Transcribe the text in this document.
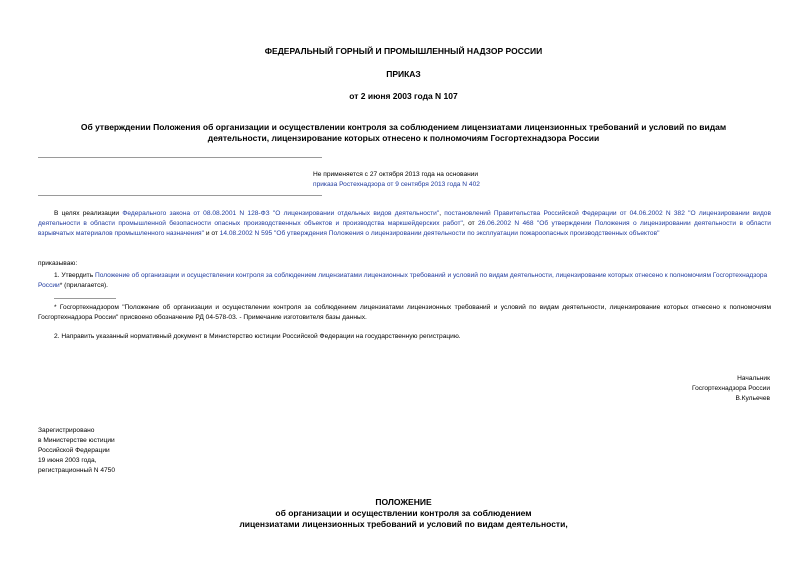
ФЕДЕРАЛЬНЫЙ ГОРНЫЙ И ПРОМЫШЛЕННЫЙ НАДЗОР РОССИИ
ПРИКАЗ
от 2 июня 2003 года N 107
Об утверждении Положения об организации и осуществлении контроля за соблюдением лицензиатами лицензионных требований и условий по видам
деятельности, лицензирование которых отнесено к полномочиям Госгортехнадзора России
Не применяется с 27 октября 2013 года на основании
приказа Ростехнадзора от 9 сентября 2013 года N 402
В целях реализации Федерального закона от 08.08.2001 N 128-ФЗ "О лицензировании отдельных видов деятельности", постановлений Правительства Российской Федерации от 04.06.2002 N 382 "О лицензировании видов деятельности в области промышленной безопасности опасных производственных объектов и производства маркшейдерских работ", от 26.06.2002 N 468 "Об утверждении Положения о лицензировании деятельности в области взрывчатых материалов промышленного назначения" и от 14.08.2002 N 595 "Об утверждения Положения о лицензировании деятельности по эксплуатации пожароопасных производственных объектов"
приказываю:
1. Утвердить Положение об организации и осуществлении контроля за соблюдением лицензиатами лицензионных требований и условий по видам деятельности, лицензирование которых отнесено к полномочиям Госгортехнадзора России* (прилагается).
* Госгортехнадзором "Положение об организации и осуществлении контроля за соблюдением лицензиатами лицензионных требований и условий по видам деятельности, лицензирование которых отнесено к полномочиям Госгортехнадзора России" присвоено обозначение РД 04-578-03. - Примечание изготовителя базы данных.
2. Направить указанный нормативный документ в Министерство юстиции Российской Федерации на государственную регистрацию.
Начальник
Госгортехнадзора России
В.Кульечев
Зарегистрировано
в Министерстве юстиции
Российской Федерации
19 июня 2003 года,
регистрационный N 4750
ПОЛОЖЕНИЕ
об организации и осуществлении контроля за соблюдением
лицензиатами лицензионных требований и условий по видам деятельности,
